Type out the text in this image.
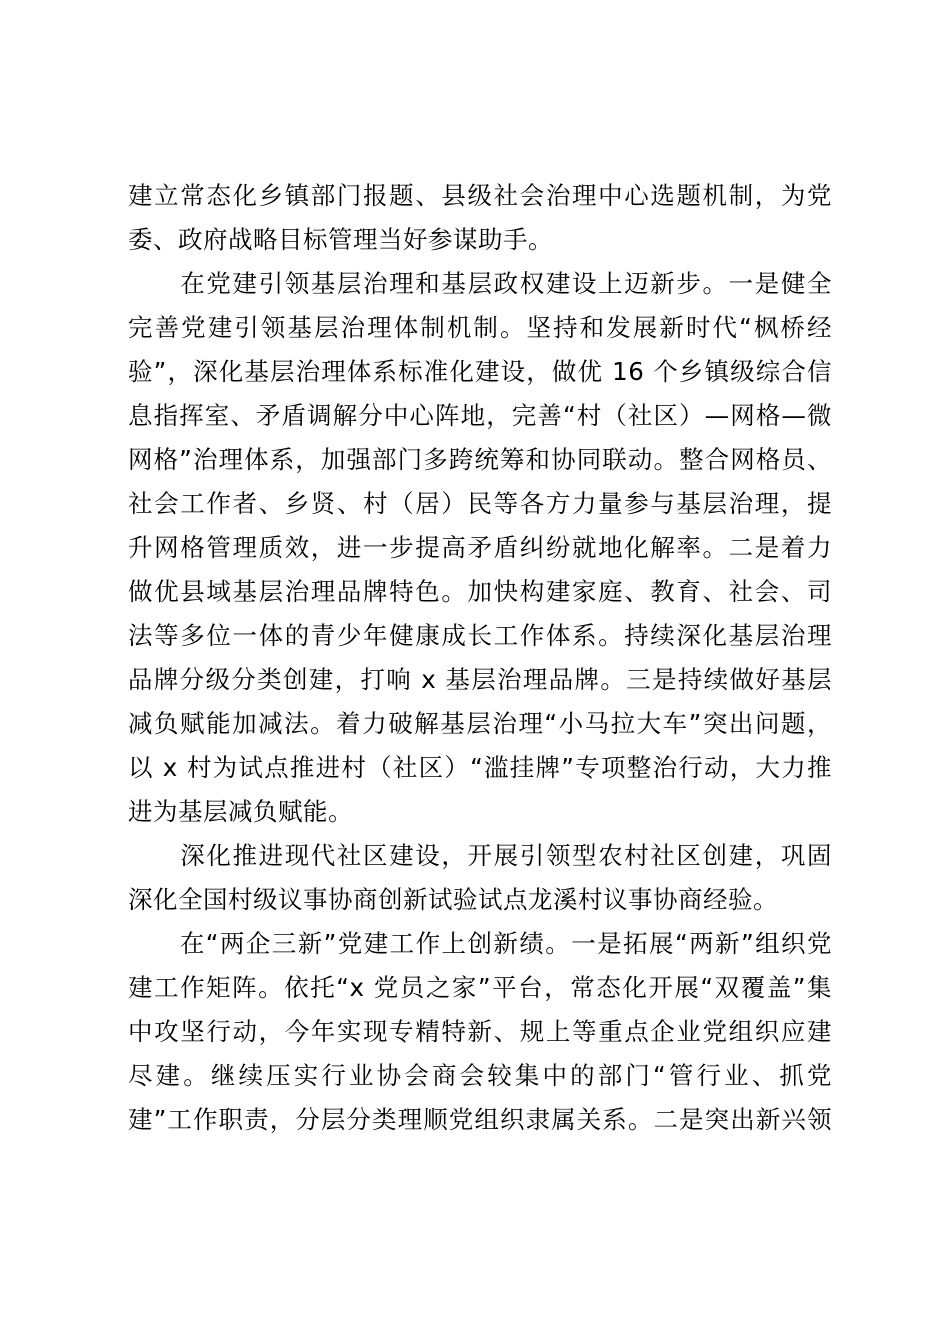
建立常态化乡镇部门报题、县级社会治理中心选题机制，为党
委、政府战略目标管理当好参谋助手。
　　在党建引领基层治理和基层政权建设上迈新步。一是健全
完善党建引领基层治理体制机制。坚持和发展新时代“枫桥经
验”，深化基层治理体系标准化建设，做优 16 个乡镇级综合信
息指挥室、矛盾调解分中心阵地，完善“村（社区）—网格—微
网格”治理体系，加强部门多跨统筹和协同联动。整合网格员、
社会工作者、乡贤、村（居）民等各方力量参与基层治理，提
升网格管理质效，进一步提高矛盾纠纷就地化解率。二是着力
做优县域基层治理品牌特色。加快构建家庭、教育、社会、司
法等多位一体的青少年健康成长工作体系。持续深化基层治理
品牌分级分类创建，打响 x 基层治理品牌。三是持续做好基层
减负赋能加减法。着力破解基层治理“小马拉大车”突出问题，
以 x 村为试点推进村（社区）“滥挂牌”专项整治行动，大力推
进为基层减负赋能。
　　深化推进现代社区建设，开展引领型农村社区创建，巩固
深化全国村级议事协商创新试验试点龙溪村议事协商经验。
　　在“两企三新”党建工作上创新绩。一是拓展“两新”组织党
建工作矩阵。依托“x 党员之家”平台，常态化开展“双覆盖”集
中攻坚行动，今年实现专精特新、规上等重点企业党组织应建
尽建。继续压实行业协会商会较集中的部门“管行业、抓党
建”工作职责，分层分类理顺党组织隶属关系。二是突出新兴领
